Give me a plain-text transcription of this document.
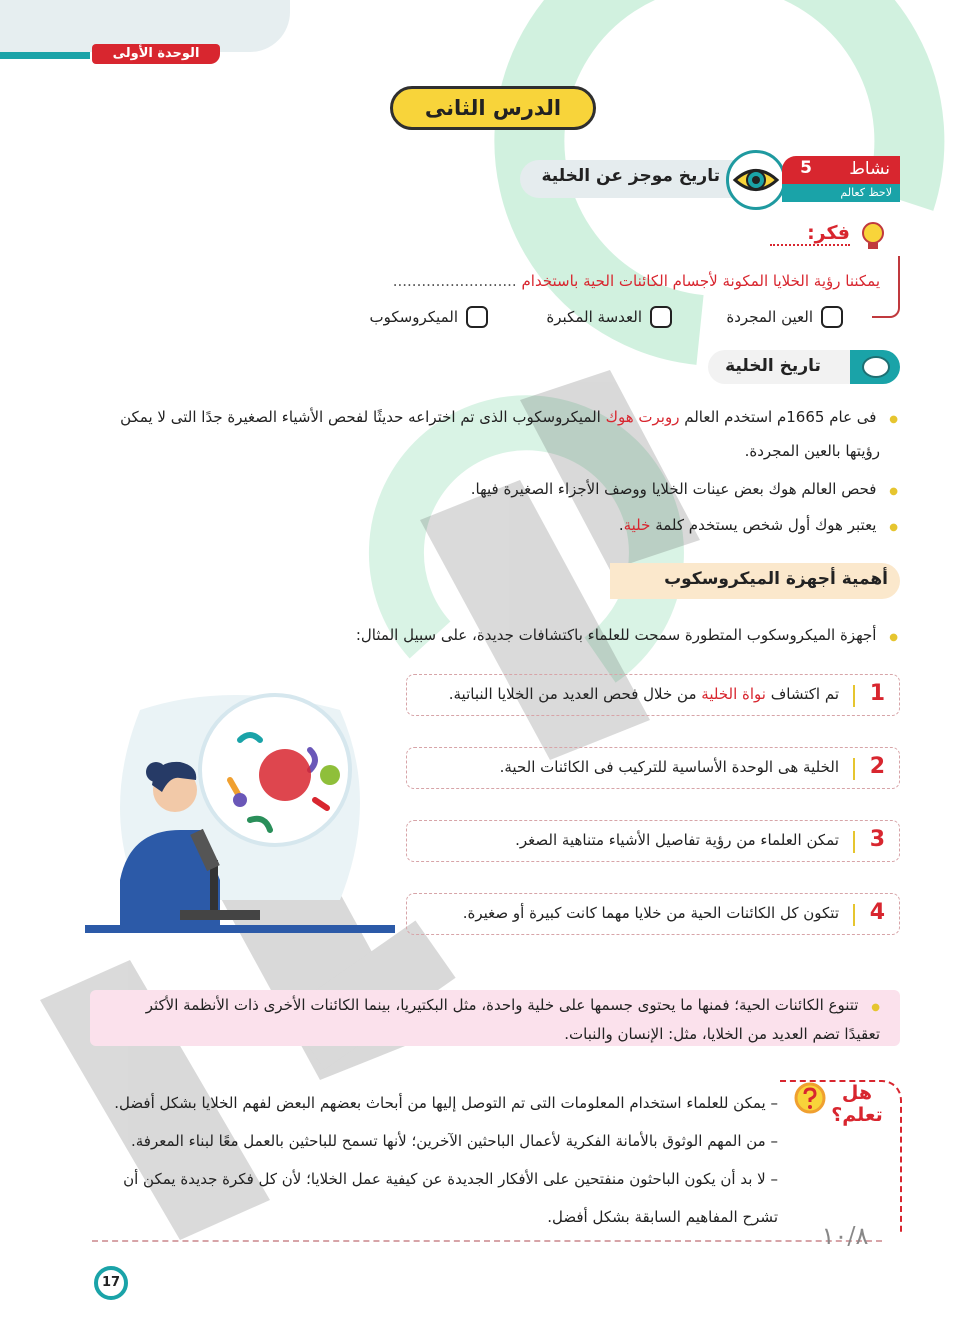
الوحدة الأولى
الدرس الثانى
تاريخ موجز عن الخلية	5 نشاط
لاحظ كعالم
فكر:
يمكننا رؤية الخلايا المكونة لأجسام الكائنات الحية باستخدام ..........................
العين المجردة
العدسة المكبرة
الميكروسكوب
تاريخ الخلية
● فى عام 1665م استخدم العالم روبرت هوك الميكروسكوب الذى تم اختراعه حديثًا لفحص الأشياء الصغيرة جدًا التى لا يمكن
رؤيتها بالعين المجردة.
● فحص العالم هوك بعض عينات الخلايا ووصف الأجزاء الصغيرة فيها.
● يعتبر هوك أول شخص يستخدم كلمة خلية.
أهمية أجهزة الميكروسكوب
● أجهزة الميكروسكوب المتطورة سمحت للعلماء باكتشافات جديدة، على سبيل المثال:
1
تم اكتشاف نواة الخلية من خلال فحص العديد من الخلايا النباتية.
2
الخلية هى الوحدة الأساسية للتركيب فى الكائنات الحية.
3
تمكن العلماء من رؤية تفاصيل الأشياء متناهية الصغر.
4
تتكون كل الكائنات الحية من خلايا مهما كانت كبيرة أو صغيرة.
● تتنوع الكائنات الحية؛ فمنها ما يحتوى جسمها على خلية واحدة، مثل البكتيريا، بينما الكائنات الأخرى ذات الأنظمة الأكثر
تعقيدًا تضم العديد من الخلايا، مثل: الإنسان والنبات.
هل
تعلم؟
– يمكن للعلماء استخدام المعلومات التى تم التوصل إليها من أبحاث بعضهم البعض لفهم الخلايا بشكل أفضل.
– من المهم الوثوق بالأمانة الفكرية لأعمال الباحثين الآخرين؛ لأنها تسمح للباحثين بالعمل معًا لبناء المعرفة.
– لا بد أن يكون الباحثون منفتحين على الأفكار الجديدة عن كيفية عمل الخلايا؛ لأن كل فكرة جديدة يمكن أن
تشرح المفاهيم السابقة بشكل أفضل.
١٠/٨
17
